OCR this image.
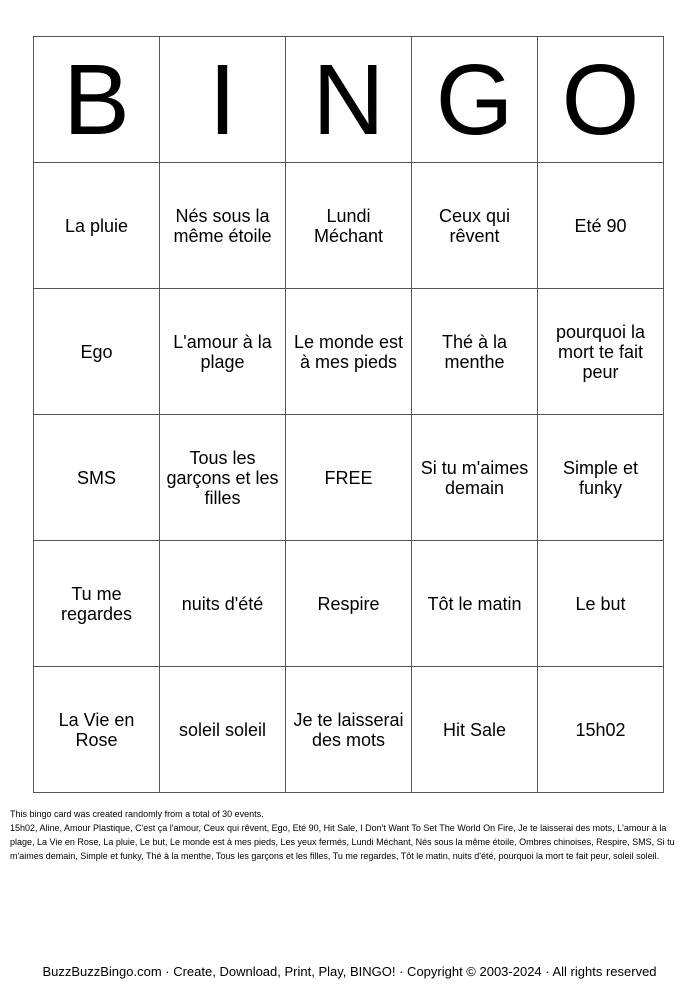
B	I	N	G	O
La pluie	Nés sous la même étoile	Lundi Méchant	Ceux qui rêvent	Eté 90
Ego	L'amour à la plage	Le monde est à mes pieds	Thé à la menthe	pourquoi la mort te fait peur
SMS	Tous les garçons et les filles	FREE	Si tu m'aimes demain	Simple et funky
Tu me regardes	nuits d'été	Respire	Tôt le matin	Le but
La Vie en Rose	soleil soleil	Je te laisserai des mots	Hit Sale	15h02
This bingo card was created randomly from a total of 30 events.
15h02, Aline, Amour Plastique, C'est ça l'amour, Ceux qui rêvent, Ego, Eté 90, Hit Sale, I Don't Want To Set The World On Fire, Je te laisserai des mots, L'amour à la plage, La Vie en Rose, La pluie, Le but, Le monde est à mes pieds, Les yeux fermés, Lundi Méchant, Nés sous la même étoile, Ombres chinoises, Respire, SMS, Si tu m'aimes demain, Simple et funky, Thé à la menthe, Tous les garçons et les filles, Tu me regardes, Tôt le matin, nuits d'été, pourquoi la mort te fait peur, soleil soleil.
BuzzBuzzBingo.com · Create, Download, Print, Play, BINGO! · Copyright © 2003-2024 · All rights reserved
